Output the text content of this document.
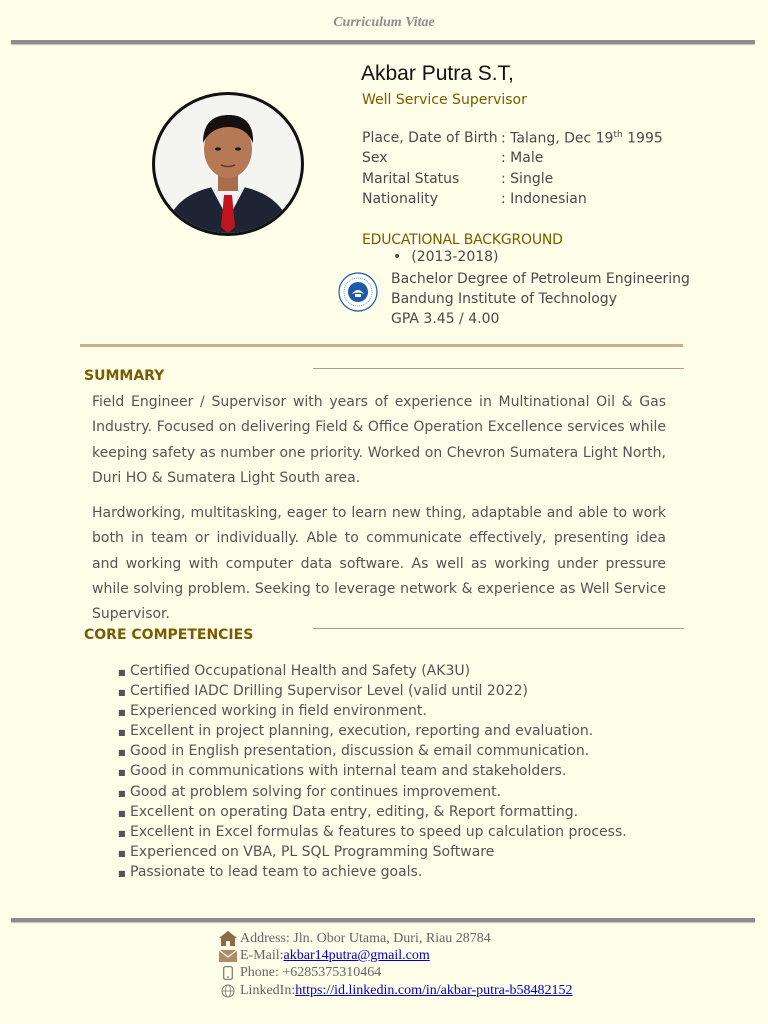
Curriculum Vitae
Akbar Putra S.T,
Well Service Supervisor
Place, Date of Birth : Talang, Dec 19th 1995
Sex	: Male
Marital Status	: Single
Nationality	: Indonesian
EDUCATIONAL BACKGROUND
• (2013-2018)
Bachelor Degree of Petroleum Engineering
Bandung Institute of Technology
GPA 3.45 / 4.00
SUMMARY

Field Engineer / Supervisor with years of experience in Multinational Oil & Gas Industry. Focused on delivering Field & Office Operation Excellence services while keeping safety as number one priority. Worked on Chevron Sumatera Light North, Duri HO & Sumatera Light South area.

Hardworking, multitasking, eager to learn new thing, adaptable and able to work both in team or individually. Able to communicate effectively, presenting idea and working with computer data software. As well as working under pressure while solving problem. Seeking to leverage network & experience as Well Service Supervisor.

CORE COMPETENCIES
■ Certified Occupational Health and Safety (AK3U)
■ Certified IADC Drilling Supervisor Level (valid until 2022)
■ Experienced working in field environment.
■ Excellent in project planning, execution, reporting and evaluation.
■ Good in English presentation, discussion & email communication.
■ Good in communications with internal team and stakeholders.
■ Good at problem solving for continues improvement.
■ Excellent on operating Data entry, editing, & Report formatting.
■ Excellent in Excel formulas & features to speed up calculation process.
■ Experienced on VBA, PL SQL Programming Software
■ Passionate to lead team to achieve goals.
Address: Jln. Obor Utama, Duri, Riau 28784
E-Mail: akbar14putra@gmail.com
Phone: +6285375310464
LinkedIn: https://id.linkedin.com/in/akbar-putra-b58482152
